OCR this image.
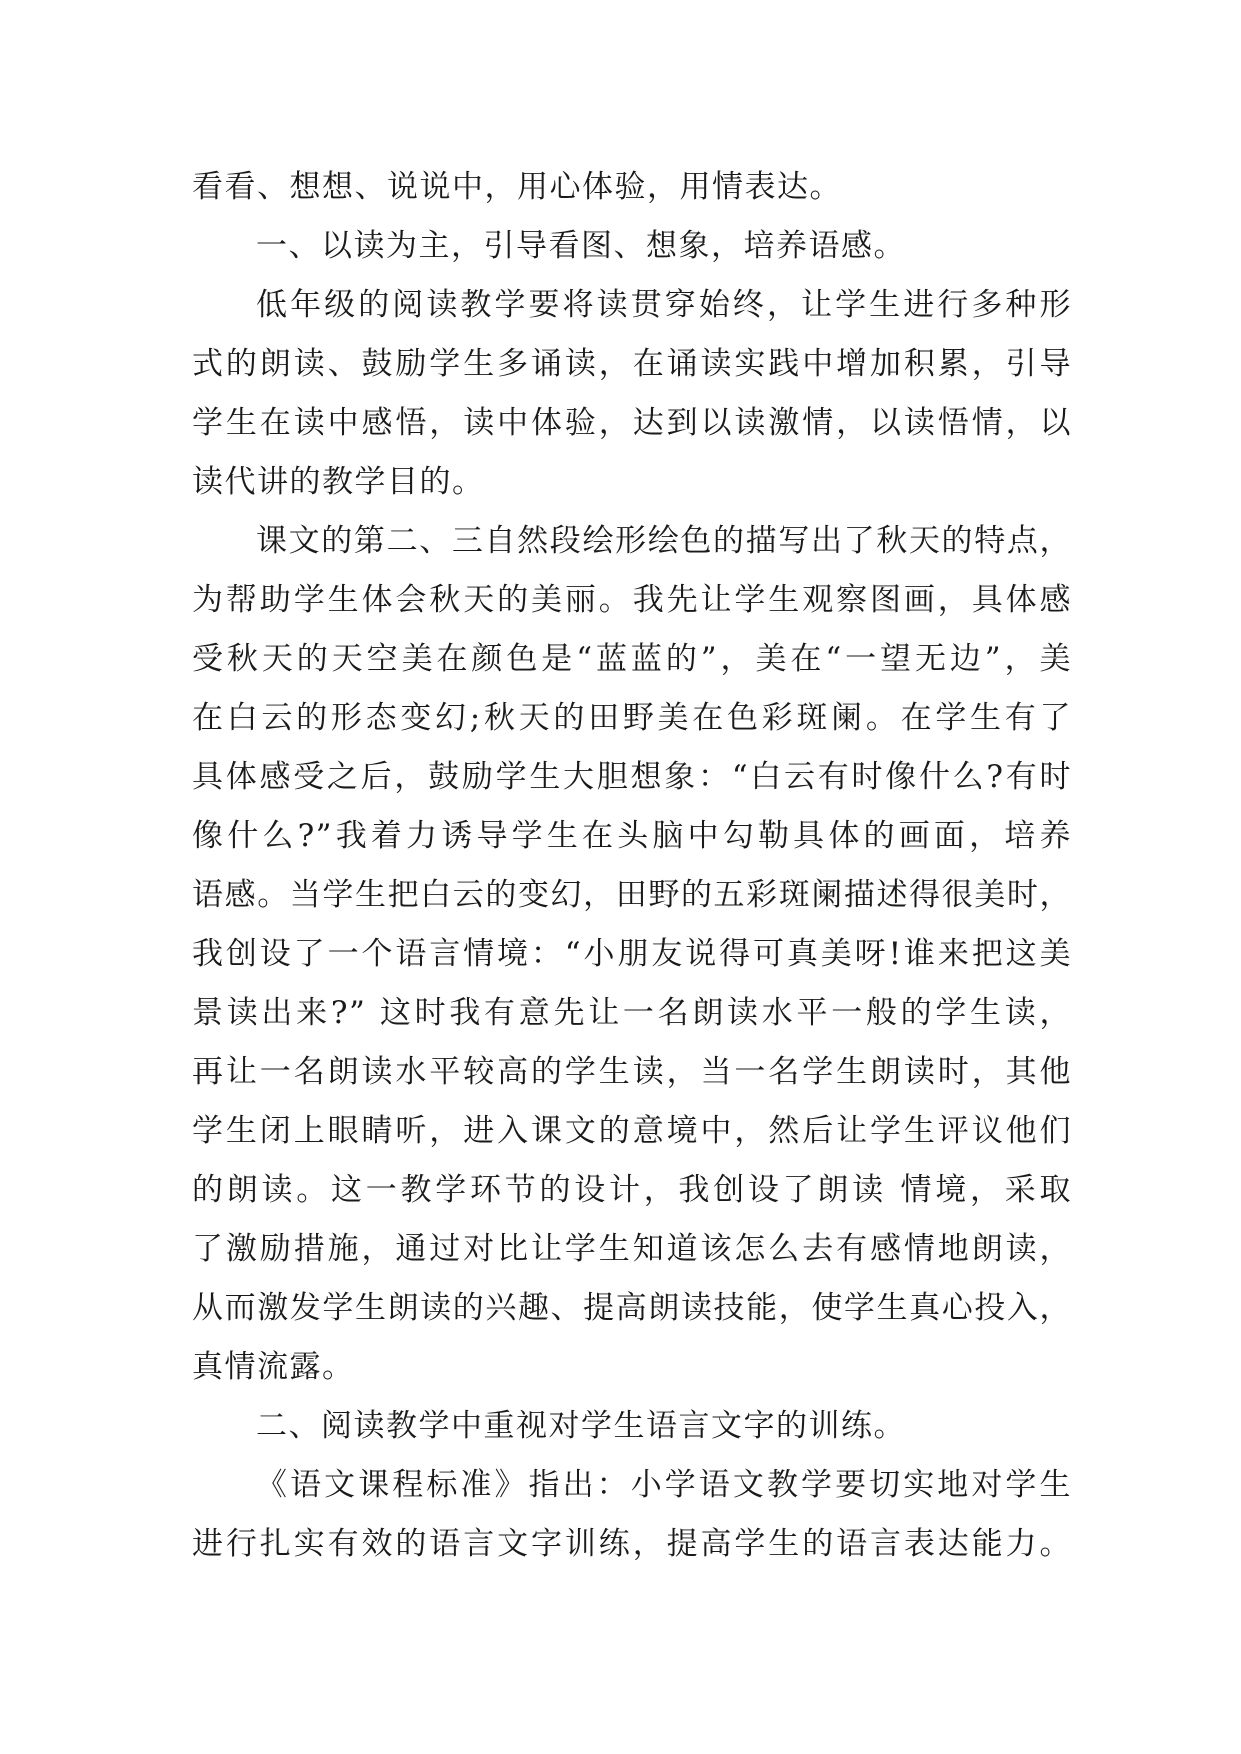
看看、想想、说说中，用心体验，用情表达。
一、以读为主，引导看图、想象，培养语感。
低年级的阅读教学要将读贯穿始终，让学生进行多种形
式的朗读、鼓励学生多诵读，在诵读实践中增加积累，引导
学生在读中感悟，读中体验，达到以读激情，以读悟情，以
读代讲的教学目的。
课文的第二、三自然段绘形绘色的描写出了秋天的特点，
为帮助学生体会秋天的美丽。我先让学生观察图画，具体感
受秋天的天空美在颜色是“蓝蓝的”，美在“一望无边”，美
在白云的形态变幻;秋天的田野美在色彩斑阑。在学生有了
具体感受之后，鼓励学生大胆想象：“白云有时像什么?有时
像什么?”我着力诱导学生在头脑中勾勒具体的画面，培养
语感。当学生把白云的变幻，田野的五彩斑阑描述得很美时，
我创设了一个语言情境：“小朋友说得可真美呀!谁来把这美
景读出来?” 这时我有意先让一名朗读水平一般的学生读，
再让一名朗读水平较高的学生读，当一名学生朗读时，其他
学生闭上眼睛听，进入课文的意境中，然后让学生评议他们
的朗读。这一教学环节的设计，我创设了朗读 情境，采取
了激励措施，通过对比让学生知道该怎么去有感情地朗读，
从而激发学生朗读的兴趣、提高朗读技能，使学生真心投入，
真情流露。
二、阅读教学中重视对学生语言文字的训练。
《语文课程标准》指出：小学语文教学要切实地对学生
进行扎实有效的语言文字训练，提高学生的语言表达能力。
